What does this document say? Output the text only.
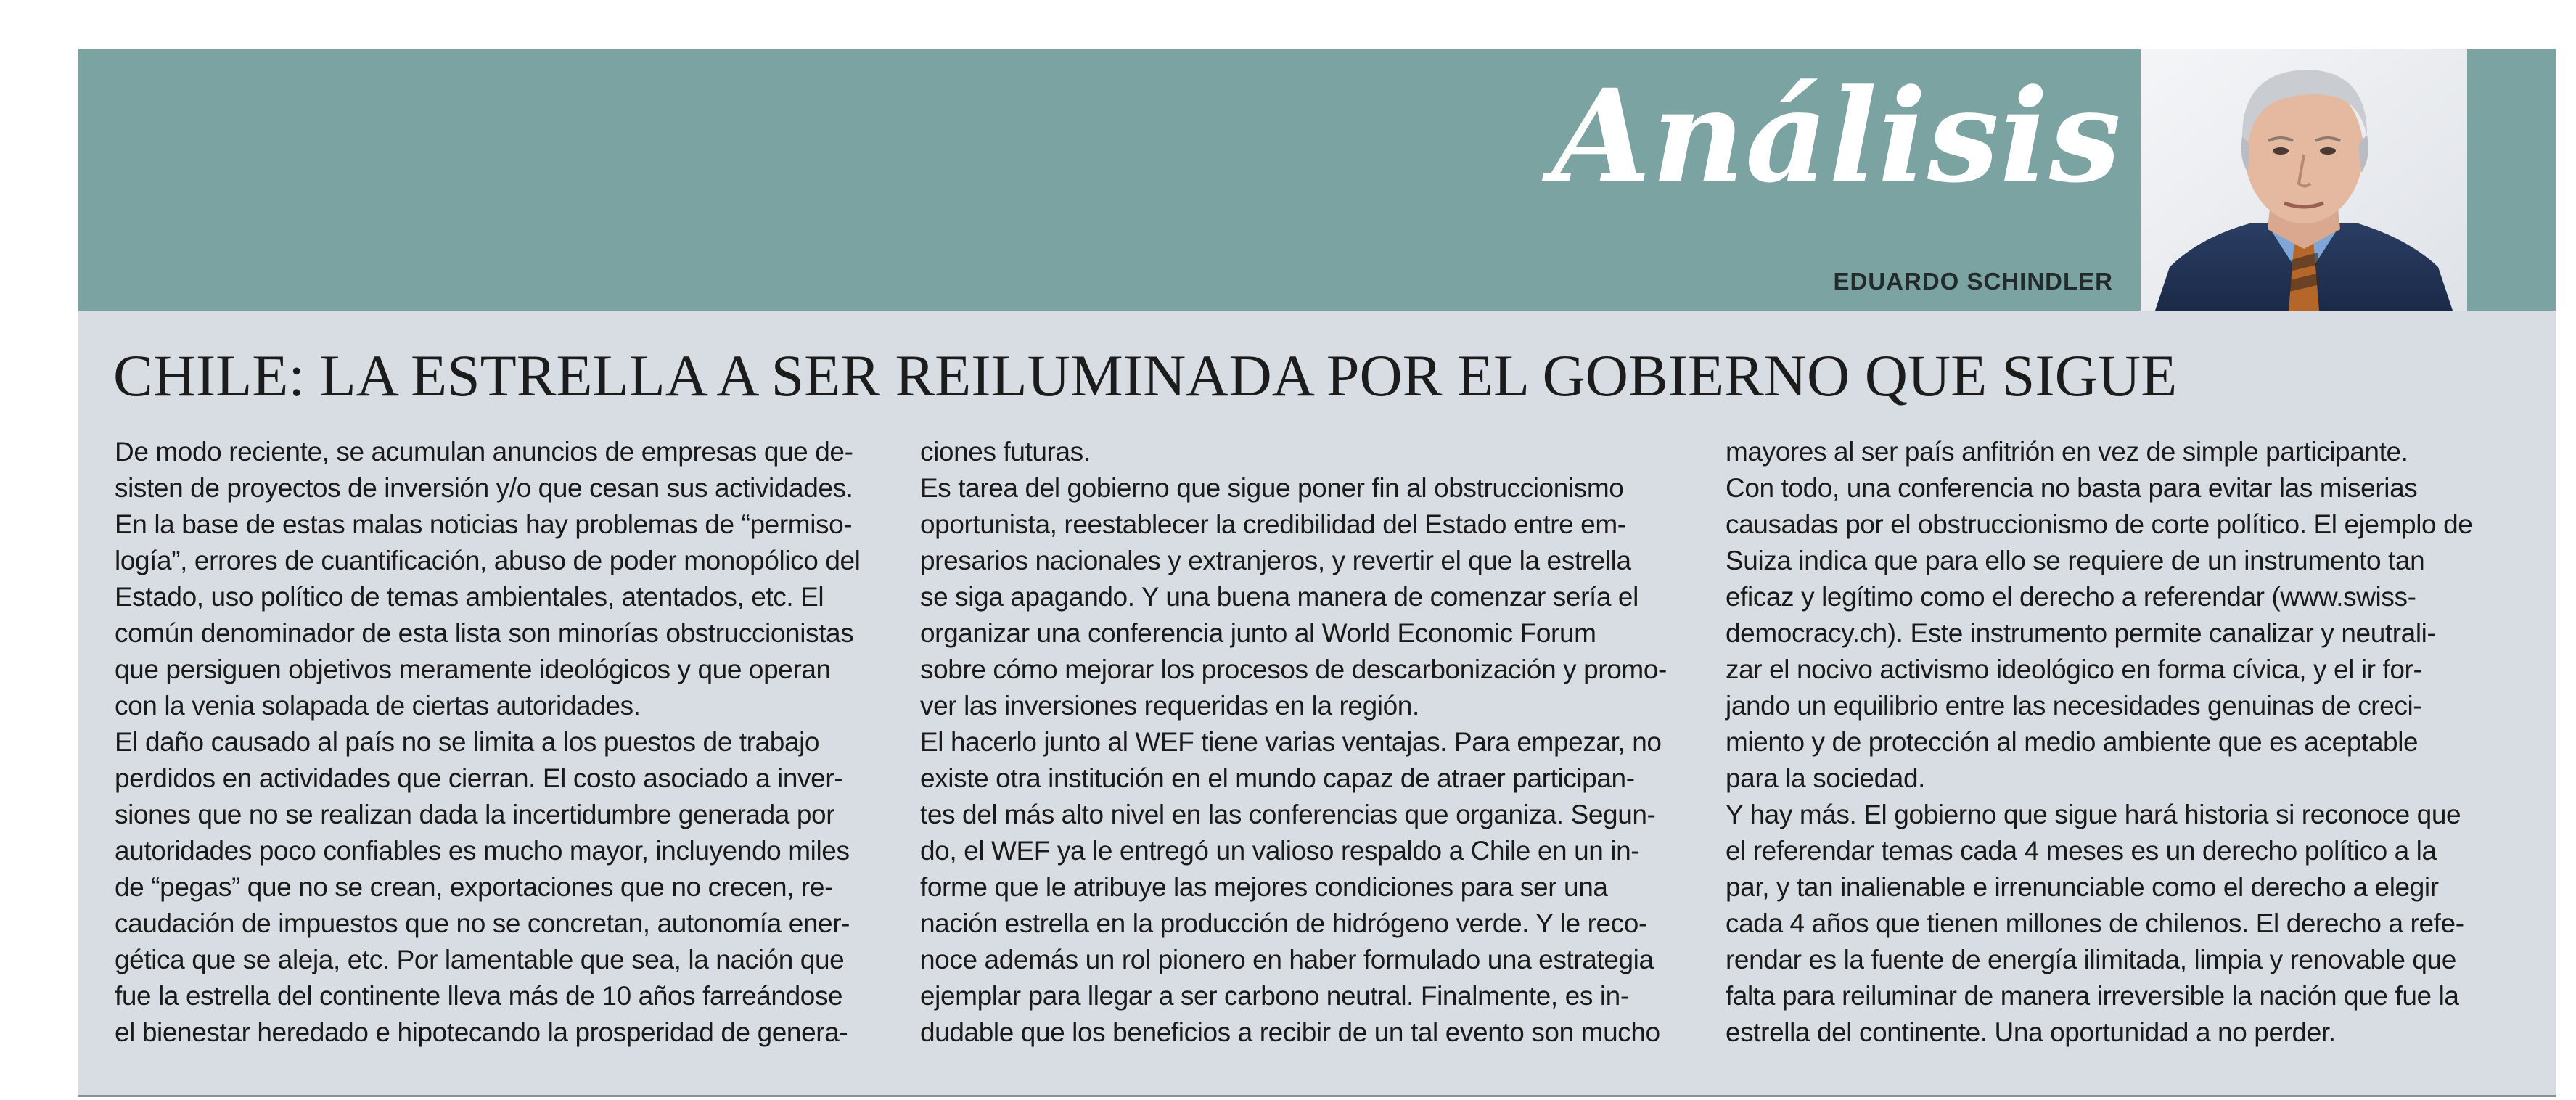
Análisis
EDUARDO SCHINDLER
CHILE: LA ESTRELLA A SER REILUMINADA POR EL GOBIERNO QUE SIGUE
De modo reciente, se acumulan anuncios de empresas que de-
sisten de proyectos de inversión y/o que cesan sus actividades.
En la base de estas malas noticias hay problemas de “permiso-
logía”, errores de cuantificación, abuso de poder monopólico del
Estado, uso político de temas ambientales, atentados, etc. El
común denominador de esta lista son minorías obstruccionistas
que persiguen objetivos meramente ideológicos y que operan
con la venia solapada de ciertas autoridades.
El daño causado al país no se limita a los puestos de trabajo
perdidos en actividades que cierran. El costo asociado a inver-
siones que no se realizan dada la incertidumbre generada por
autoridades poco confiables es mucho mayor, incluyendo miles
de “pegas” que no se crean, exportaciones que no crecen, re-
caudación de impuestos que no se concretan, autonomía ener-
gética que se aleja, etc. Por lamentable que sea, la nación que
fue la estrella del continente lleva más de 10 años farreándose
el bienestar heredado e hipotecando la prosperidad de genera-
ciones futuras.
Es tarea del gobierno que sigue poner fin al obstruccionismo
oportunista, reestablecer la credibilidad del Estado entre em-
presarios nacionales y extranjeros, y revertir el que la estrella
se siga apagando. Y una buena manera de comenzar sería el
organizar una conferencia junto al World Economic Forum
sobre cómo mejorar los procesos de descarbonización y promo-
ver las inversiones requeridas en la región.
El hacerlo junto al WEF tiene varias ventajas. Para empezar, no
existe otra institución en el mundo capaz de atraer participan-
tes del más alto nivel en las conferencias que organiza. Segun-
do, el WEF ya le entregó un valioso respaldo a Chile en un in-
forme que le atribuye las mejores condiciones para ser una
nación estrella en la producción de hidrógeno verde. Y le reco-
noce además un rol pionero en haber formulado una estrategia
ejemplar para llegar a ser carbono neutral. Finalmente, es in-
dudable que los beneficios a recibir de un tal evento son mucho
mayores al ser país anfitrión en vez de simple participante.
Con todo, una conferencia no basta para evitar las miserias
causadas por el obstruccionismo de corte político. El ejemplo de
Suiza indica que para ello se requiere de un instrumento tan
eficaz y legítimo como el derecho a referendar (www.swiss-
democracy.ch). Este instrumento permite canalizar y neutrali-
zar el nocivo activismo ideológico en forma cívica, y el ir for-
jando un equilibrio entre las necesidades genuinas de creci-
miento y de protección al medio ambiente que es aceptable
para la sociedad.
Y hay más. El gobierno que sigue hará historia si reconoce que
el referendar temas cada 4 meses es un derecho político a la
par, y tan inalienable e irrenunciable como el derecho a elegir
cada 4 años que tienen millones de chilenos. El derecho a refe-
rendar es la fuente de energía ilimitada, limpia y renovable que
falta para reiluminar de manera irreversible la nación que fue la
estrella del continente. Una oportunidad a no perder.
